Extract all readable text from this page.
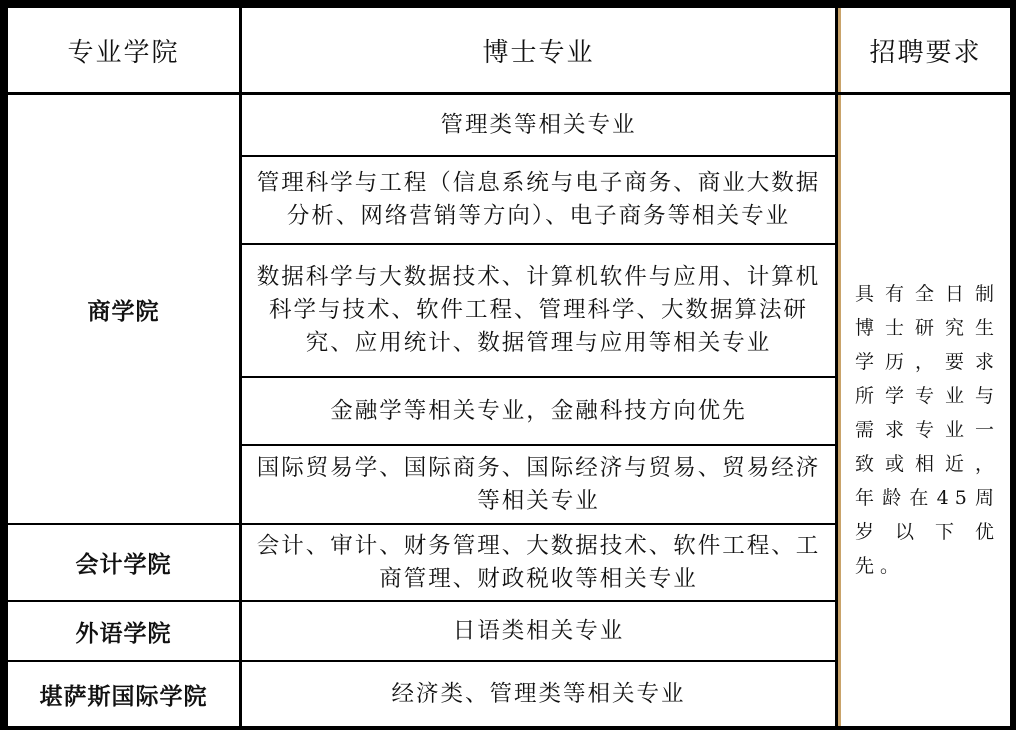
专业学院	博士专业	招聘要求
商学院
会计学院
外语学院
堪萨斯国际学院
管理类等相关专业
管理科学与工程（信息系统与电子商务、商业大数据分析、网络营销等方向）、电子商务等相关专业
数据科学与大数据技术、计算机软件与应用、计算机科学与技术、软件工程、管理科学、大数据算法研究、应用统计、数据管理与应用等相关专业
金融学等相关专业，金融科技方向优先
国际贸易学、国际商务、国际经济与贸易、贸易经济等相关专业
会计、审计、财务管理、大数据技术、软件工程、工商管理、财政税收等相关专业
日语类相关专业
经济类、管理类等相关专业
具有全日制博士研究生学历，要求所学专业与需求专业一致或相近，年龄在45周岁以下优先。
